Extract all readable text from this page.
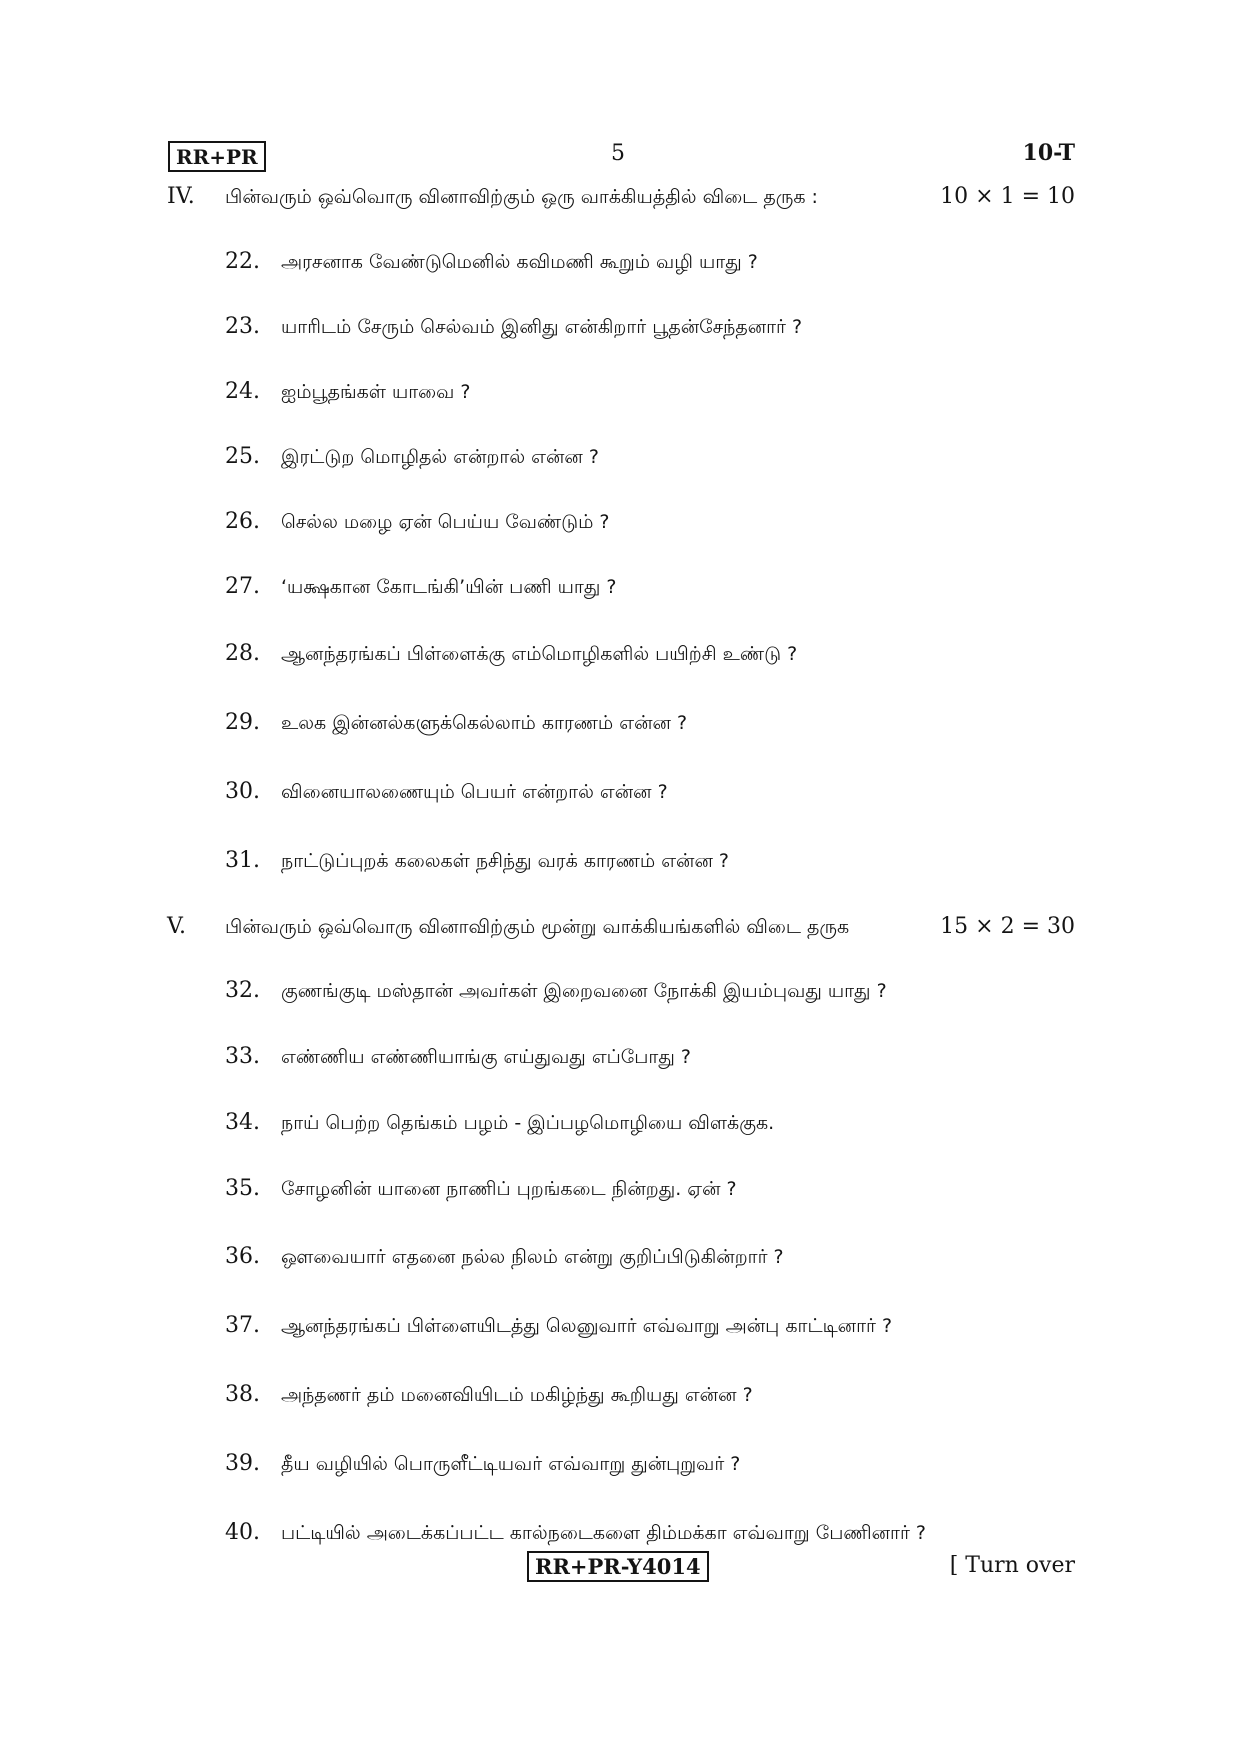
RR+PR	5	10-T
IV. பின்வரும் ஒவ்வொரு வினாவிற்கும் ஒரு வாக்கியத்தில் விடை தருக :	10 × 1 = 10
22.	அரசனாக வேண்டுமெனில் கவிமணி கூறும் வழி யாது ?
23.	யாரிடம் சேரும் செல்வம் இனிது என்கிறார் பூதன்சேந்தனார் ?
24.	ஐம்பூதங்கள் யாவை ?
25.	இரட்டுற மொழிதல் என்றால் என்ன ?
26.	செல்ல மழை ஏன் பெய்ய வேண்டும் ?
27.	‘யக்ஷகான கோடங்கி’யின் பணி யாது ?
28.	ஆனந்தரங்கப் பிள்ளைக்கு எம்மொழிகளில் பயிற்சி உண்டு ?
29.	உலக இன்னல்களுக்கெல்லாம் காரணம் என்ன ?
30.	வினையாலணையும் பெயர் என்றால் என்ன ?
31.	நாட்டுப்புறக் கலைகள் நசிந்து வரக் காரணம் என்ன ?
V. பின்வரும் ஒவ்வொரு வினாவிற்கும் மூன்று வாக்கியங்களில் விடை தருக	15 × 2 = 30
32.	குணங்குடி மஸ்தான் அவர்கள் இறைவனை நோக்கி இயம்புவது யாது ?
33.	எண்ணிய எண்ணியாங்கு எய்துவது எப்போது ?
34.	நாய் பெற்ற தெங்கம் பழம் - இப்பழமொழியை விளக்குக.
35.	சோழனின் யானை நாணிப் புறங்கடை நின்றது. ஏன் ?
36.	ஔவையார் எதனை நல்ல நிலம் என்று குறிப்பிடுகின்றார் ?
37.	ஆனந்தரங்கப் பிள்ளையிடத்து லெனுவார் எவ்வாறு அன்பு காட்டினார் ?
38.	அந்தணர் தம் மனைவியிடம் மகிழ்ந்து கூறியது என்ன ?
39.	தீய வழியில் பொருளீட்டியவர் எவ்வாறு துன்புறுவர் ?
40.	பட்டியில் அடைக்கப்பட்ட கால்நடைகளை திம்மக்கா எவ்வாறு பேணினார் ?
RR+PR-Y4014	[ Turn over
